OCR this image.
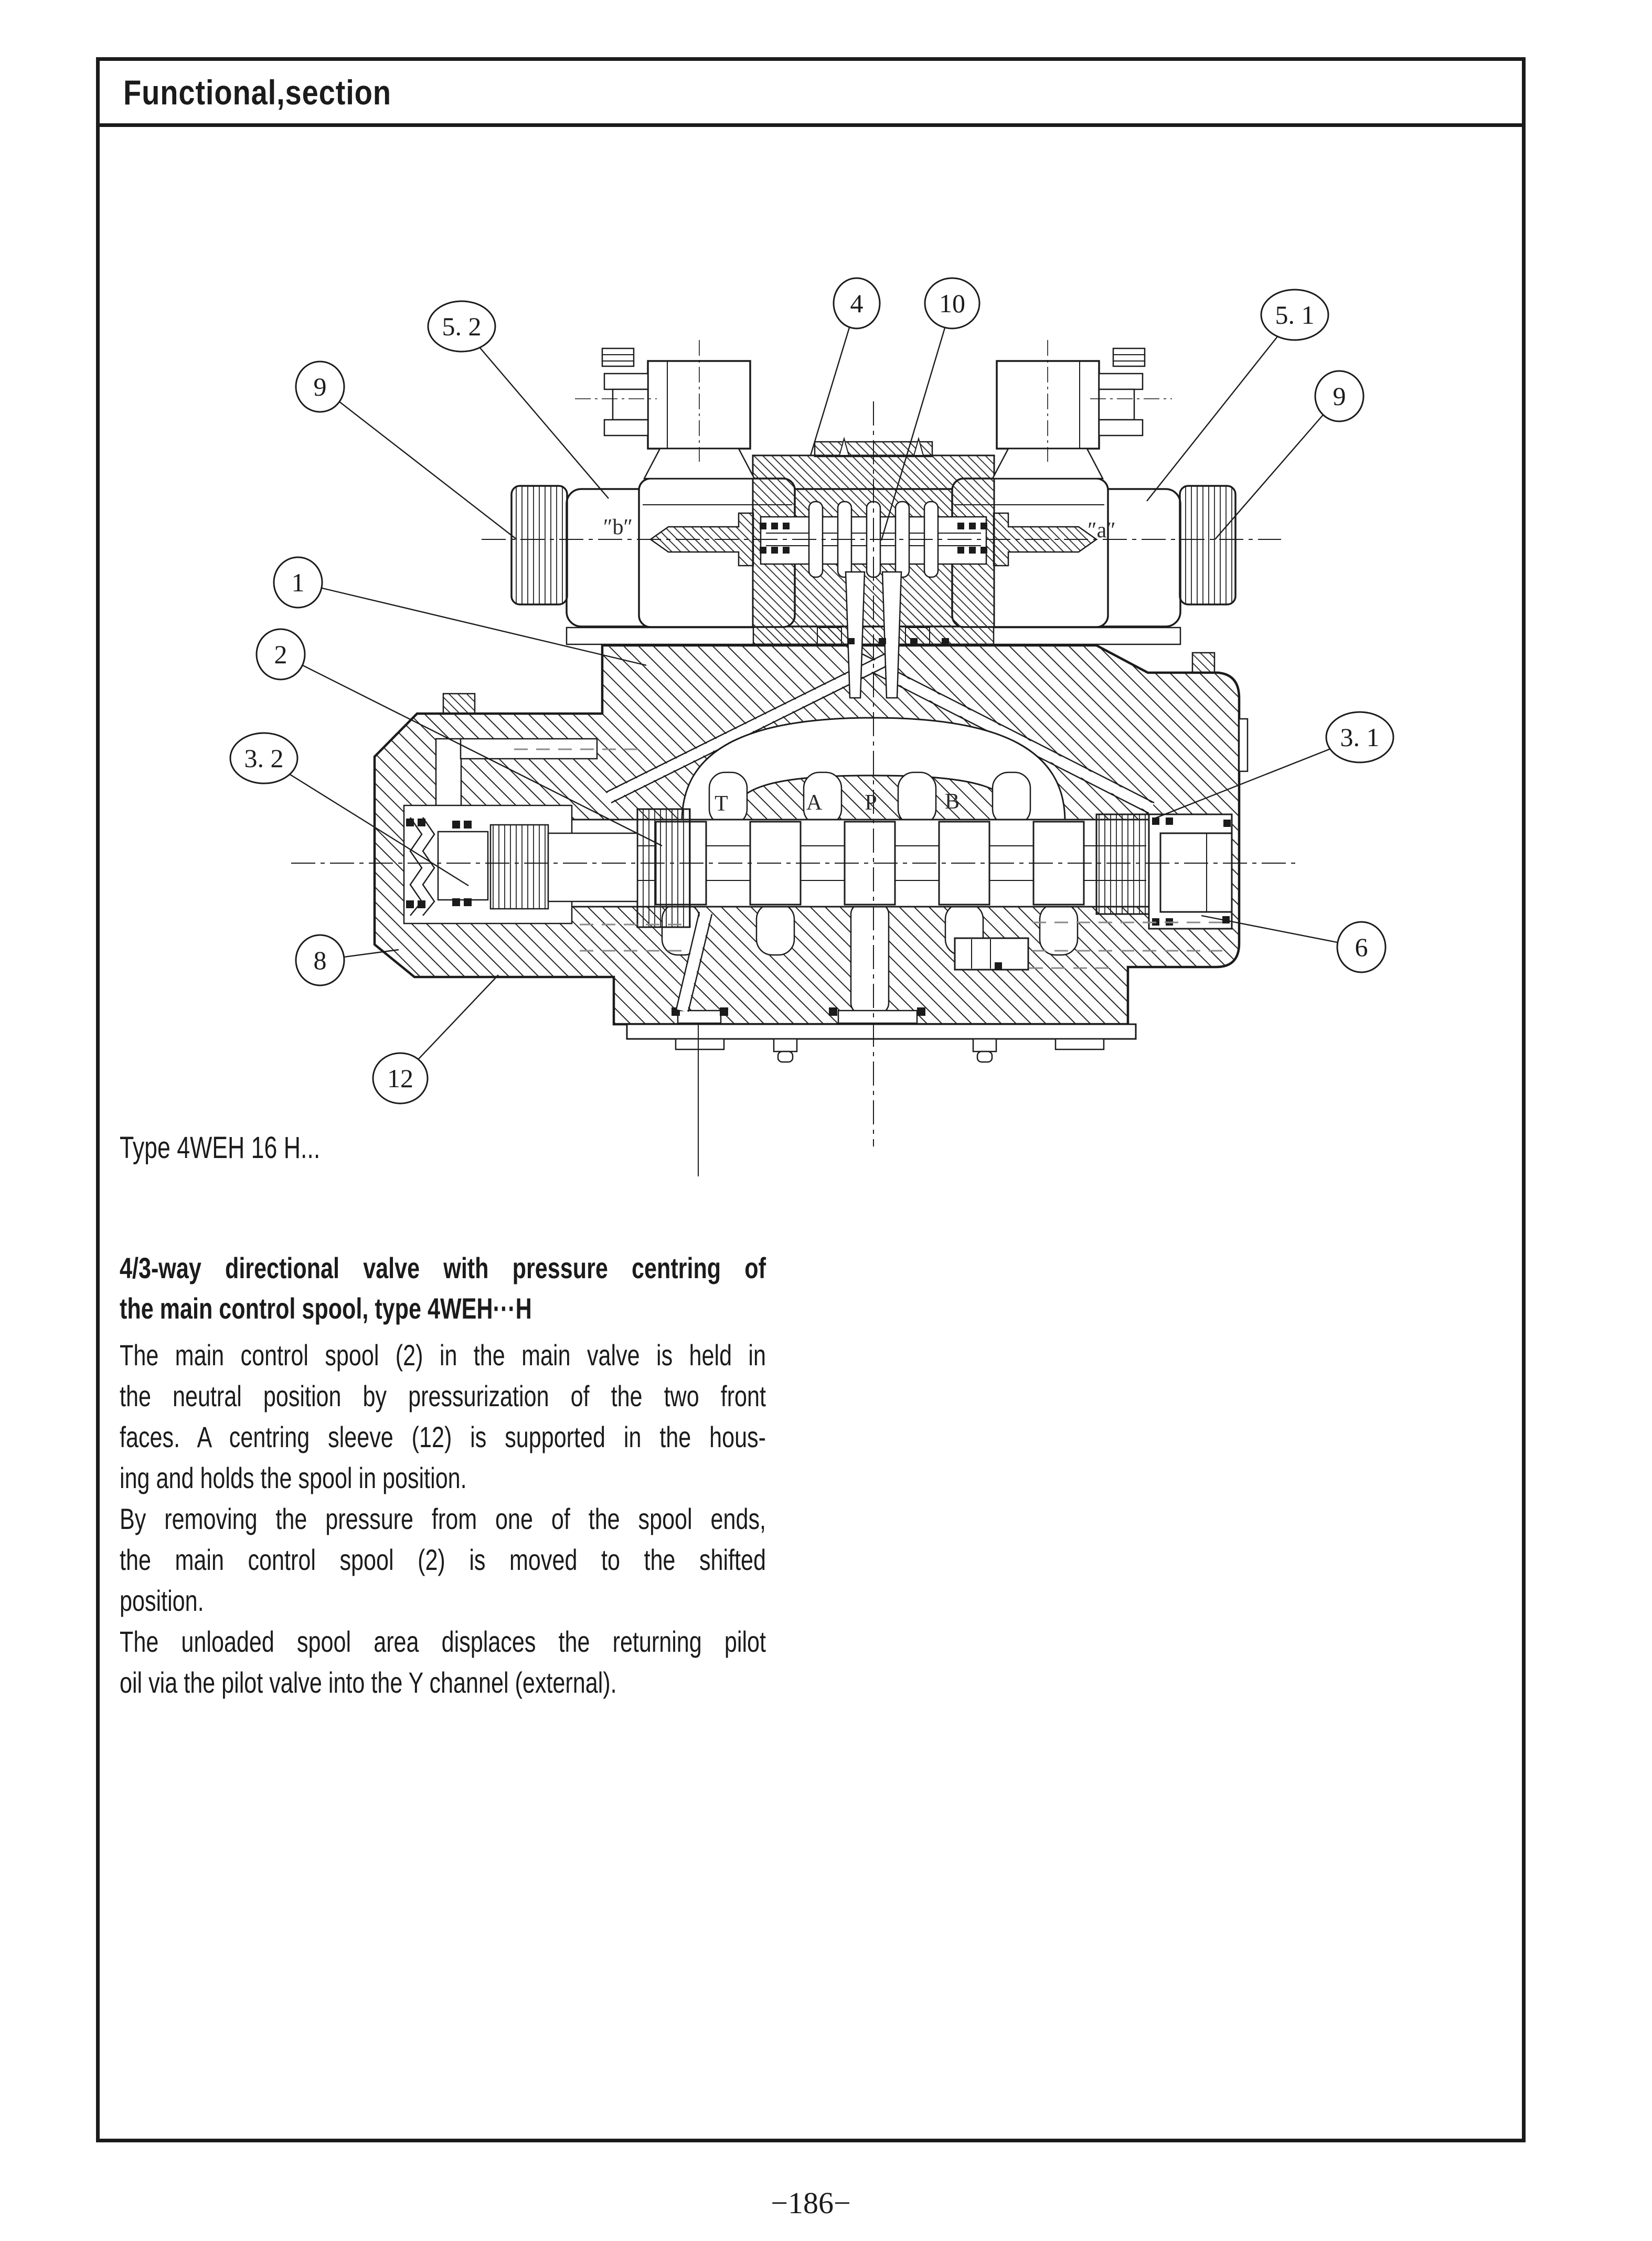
Functional,section
″b″	″a″
T	A P	B
9
5. 2
4	10	5. 1
9
1
2
3. 2
8
12
3. 1
6
Type 4WEH 16 H...
4/3-way directional valve with pressure centring of
the main control spool, type 4WEH···H
The main control spool (2) in the main valve is held in
the neutral position by pressurization of the two front
faces. A centring sleeve (12) is supported in the hous-
ing and holds the spool in position.
By removing the pressure from one of the spool ends,
the main control spool (2) is moved to the shifted
position.
The unloaded spool area displaces the returning pilot
oil via the pilot valve into the Y channel (external).
−186−
